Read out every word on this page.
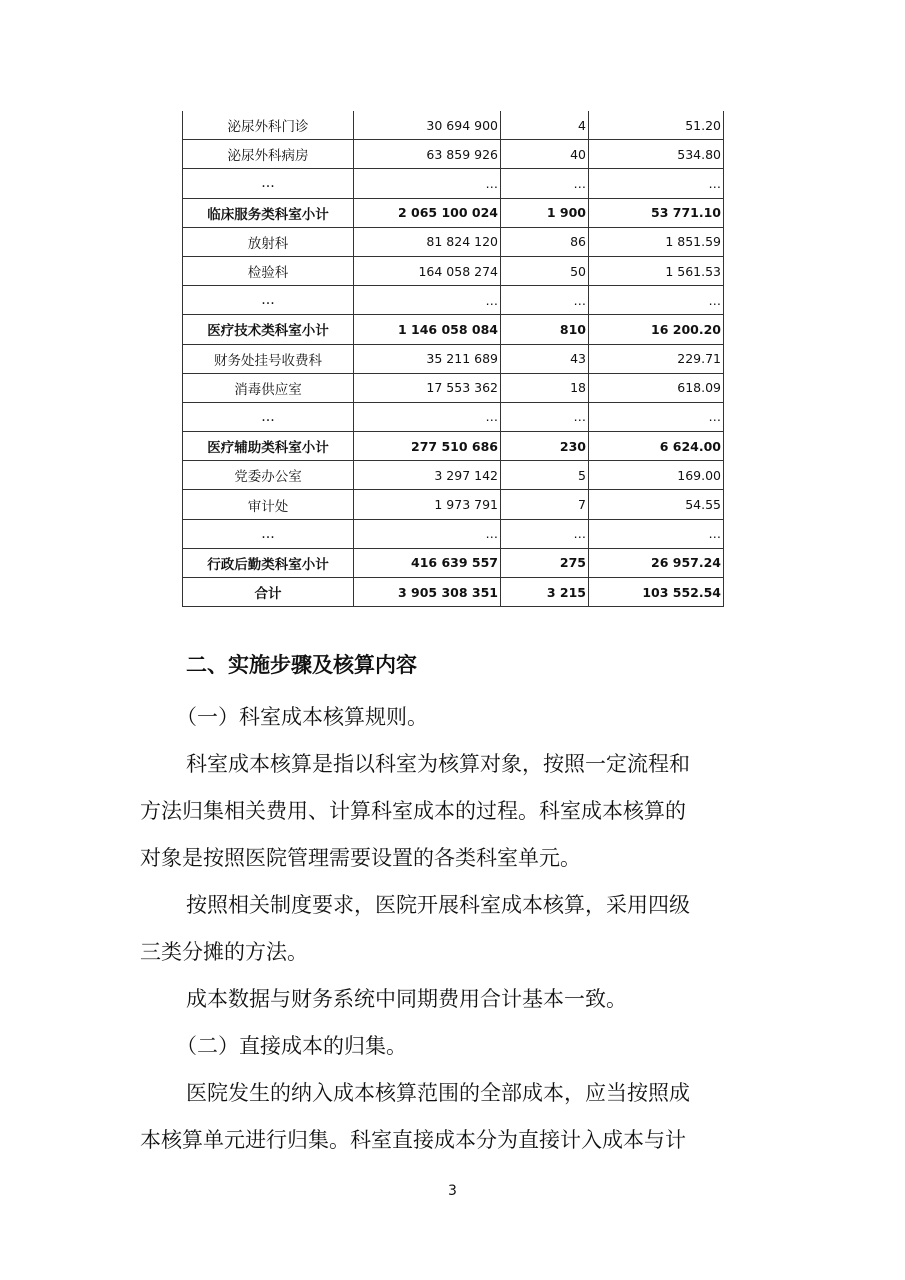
泌尿外科门诊	30 694 900	4	51.20
泌尿外科病房	63 859 926	40	534.80
…	…	…	…
临床服务类科室小计	2 065 100 024	1 900	53 771.10
放射科	81 824 120	86	1 851.59
检验科	164 058 274	50	1 561.53
…	…	…	…
医疗技术类科室小计	1 146 058 084	810	16 200.20
财务处挂号收费科	35 211 689	43	229.71
消毒供应室	17 553 362	18	618.09
…	…	…	…
医疗辅助类科室小计	277 510 686	230	6 624.00
党委办公室	3 297 142	5	169.00
审计处	1 973 791	7	54.55
…	…	…	…
行政后勤类科室小计	416 639 557	275	26 957.24
合计	3 905 308 351	3 215	103 552.54
二、实施步骤及核算内容
（一）科室成本核算规则。
科室成本核算是指以科室为核算对象，按照一定流程和
方法归集相关费用、计算科室成本的过程。科室成本核算的
对象是按照医院管理需要设置的各类科室单元。
按照相关制度要求，医院开展科室成本核算，采用四级
三类分摊的方法。
成本数据与财务系统中同期费用合计基本一致。
（二）直接成本的归集。
医院发生的纳入成本核算范围的全部成本，应当按照成
本核算单元进行归集。科室直接成本分为直接计入成本与计
3
